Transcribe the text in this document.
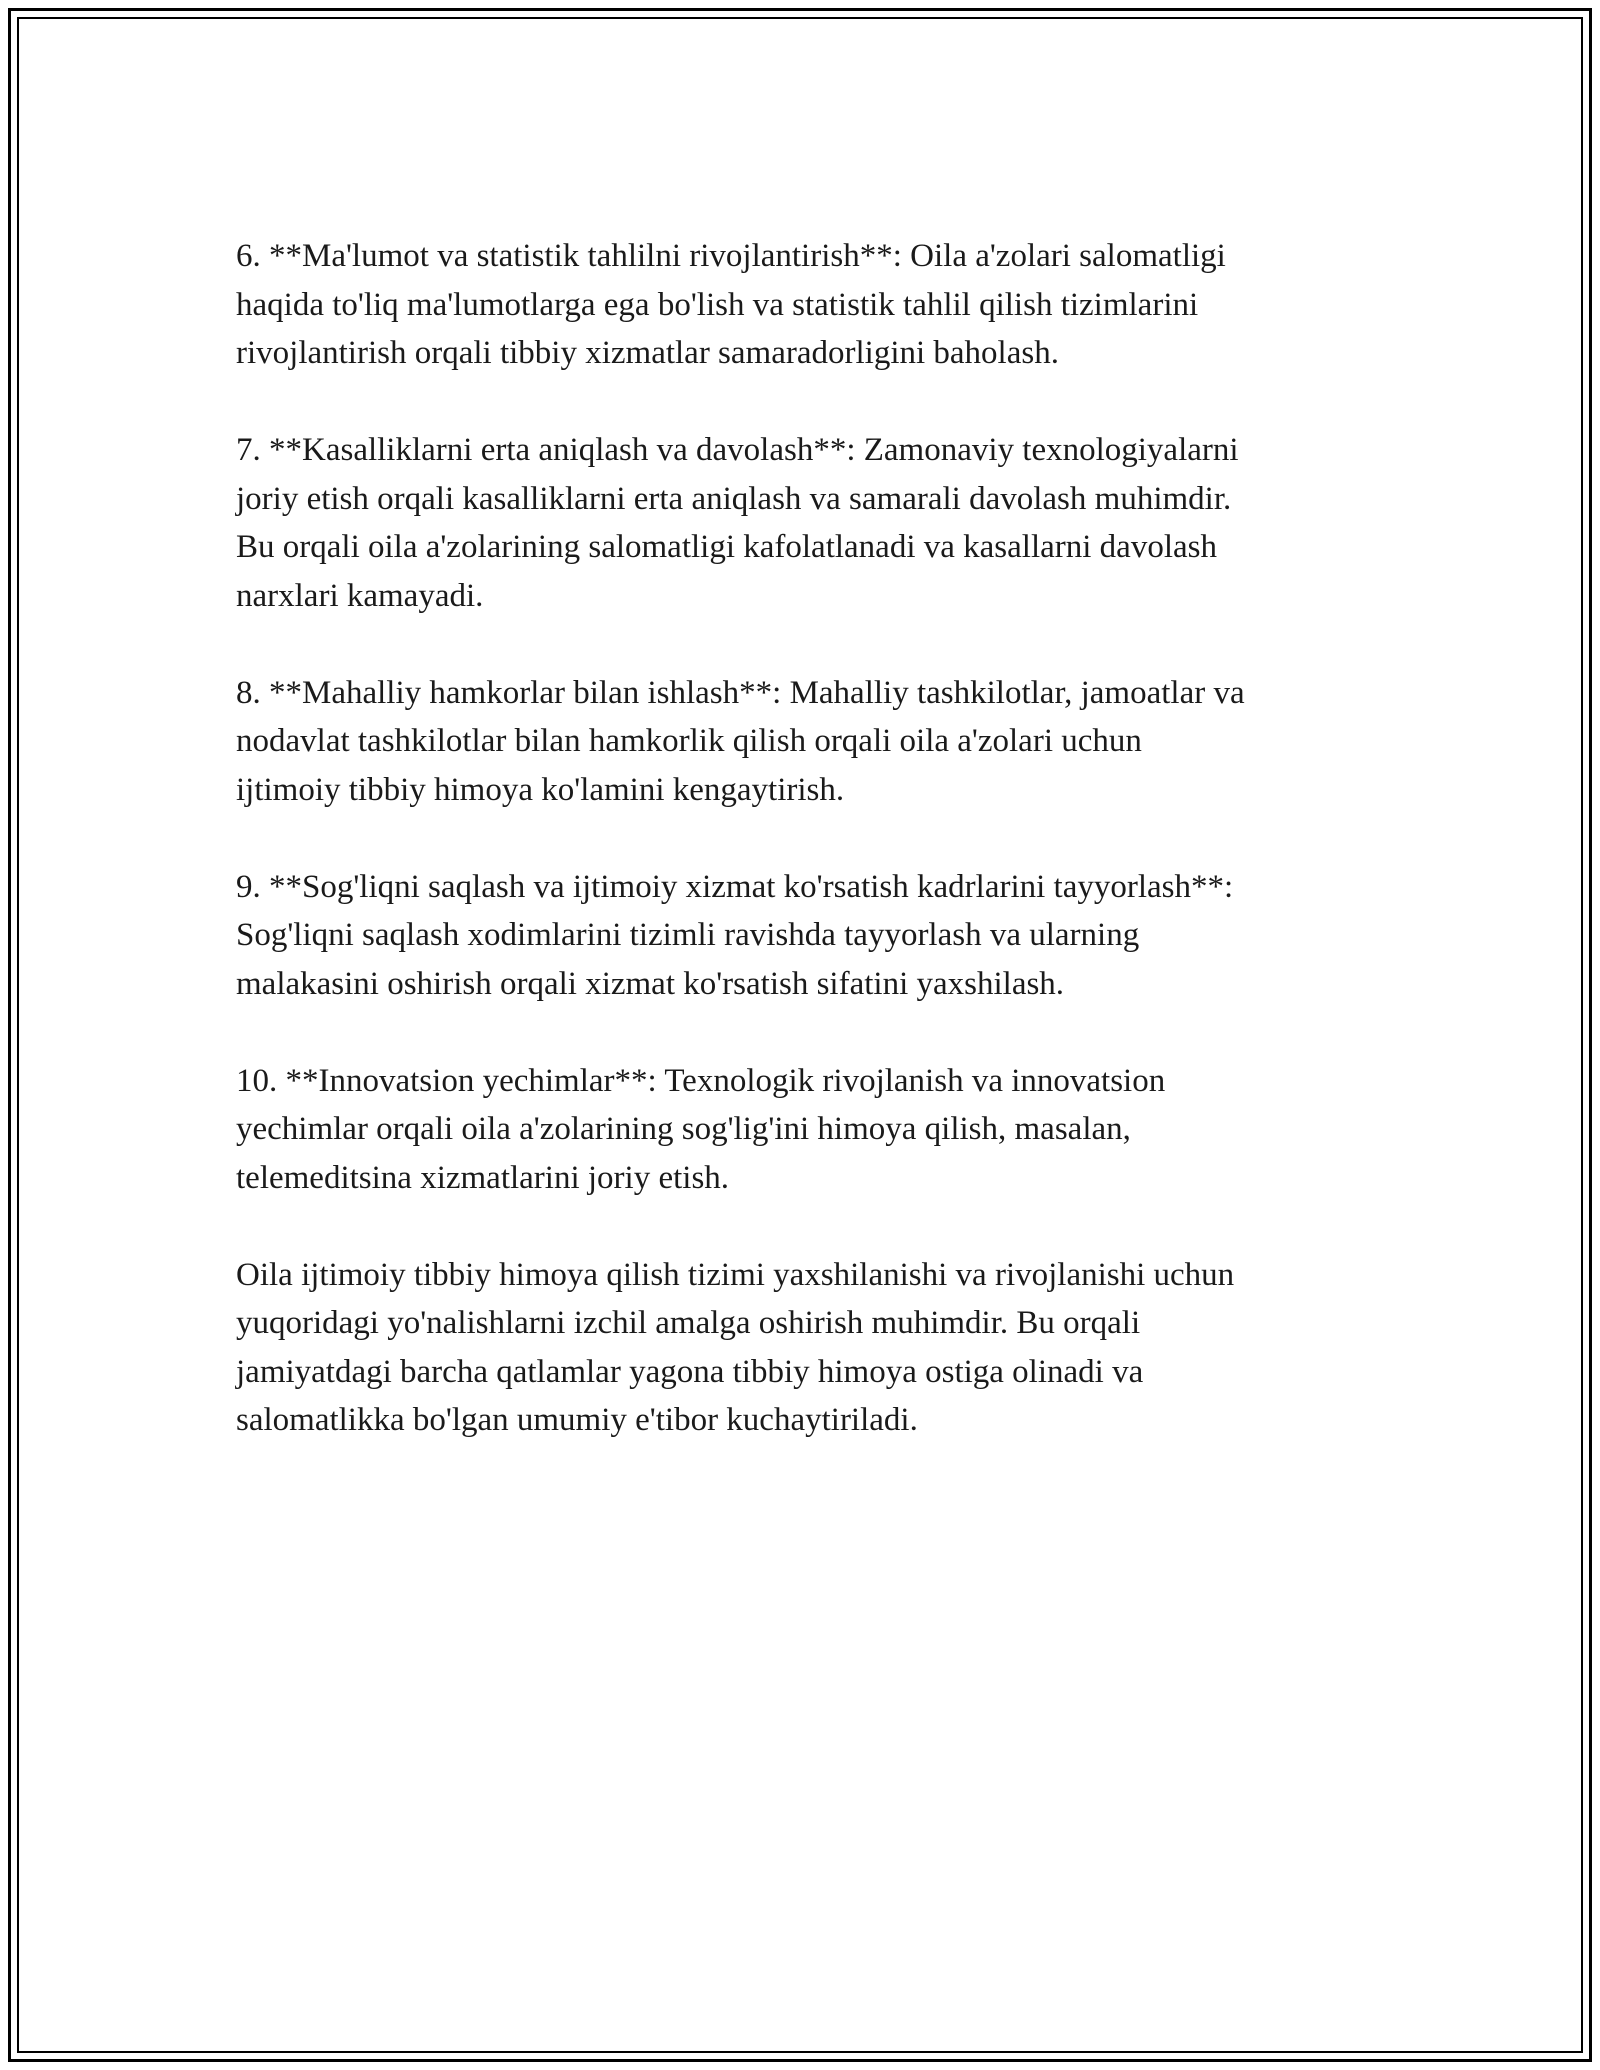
6. **Ma'lumot va statistik tahlilni rivojlantirish**: Oila a'zolari salomatligi
haqida to'liq ma'lumotlarga ega bo'lish va statistik tahlil qilish tizimlarini
rivojlantirish orqali tibbiy xizmatlar samaradorligini baholash.

7. **Kasalliklarni erta aniqlash va davolash**: Zamonaviy texnologiyalarni
joriy etish orqali kasalliklarni erta aniqlash va samarali davolash muhimdir.
Bu orqali oila a'zolarining salomatligi kafolatlanadi va kasallarni davolash
narxlari kamayadi.

8. **Mahalliy hamkorlar bilan ishlash**: Mahalliy tashkilotlar, jamoatlar va
nodavlat tashkilotlar bilan hamkorlik qilish orqali oila a'zolari uchun
ijtimoiy tibbiy himoya ko'lamini kengaytirish.

9. **Sog'liqni saqlash va ijtimoiy xizmat ko'rsatish kadrlarini tayyorlash**:
Sog'liqni saqlash xodimlarini tizimli ravishda tayyorlash va ularning
malakasini oshirish orqali xizmat ko'rsatish sifatini yaxshilash.

10. **Innovatsion yechimlar**: Texnologik rivojlanish va innovatsion
yechimlar orqali oila a'zolarining sog'lig'ini himoya qilish, masalan,
telemeditsina xizmatlarini joriy etish.

Oila ijtimoiy tibbiy himoya qilish tizimi yaxshilanishi va rivojlanishi uchun
yuqoridagi yo'nalishlarni izchil amalga oshirish muhimdir. Bu orqali
jamiyatdagi barcha qatlamlar yagona tibbiy himoya ostiga olinadi va
salomatlikka bo'lgan umumiy e'tibor kuchaytiriladi.
